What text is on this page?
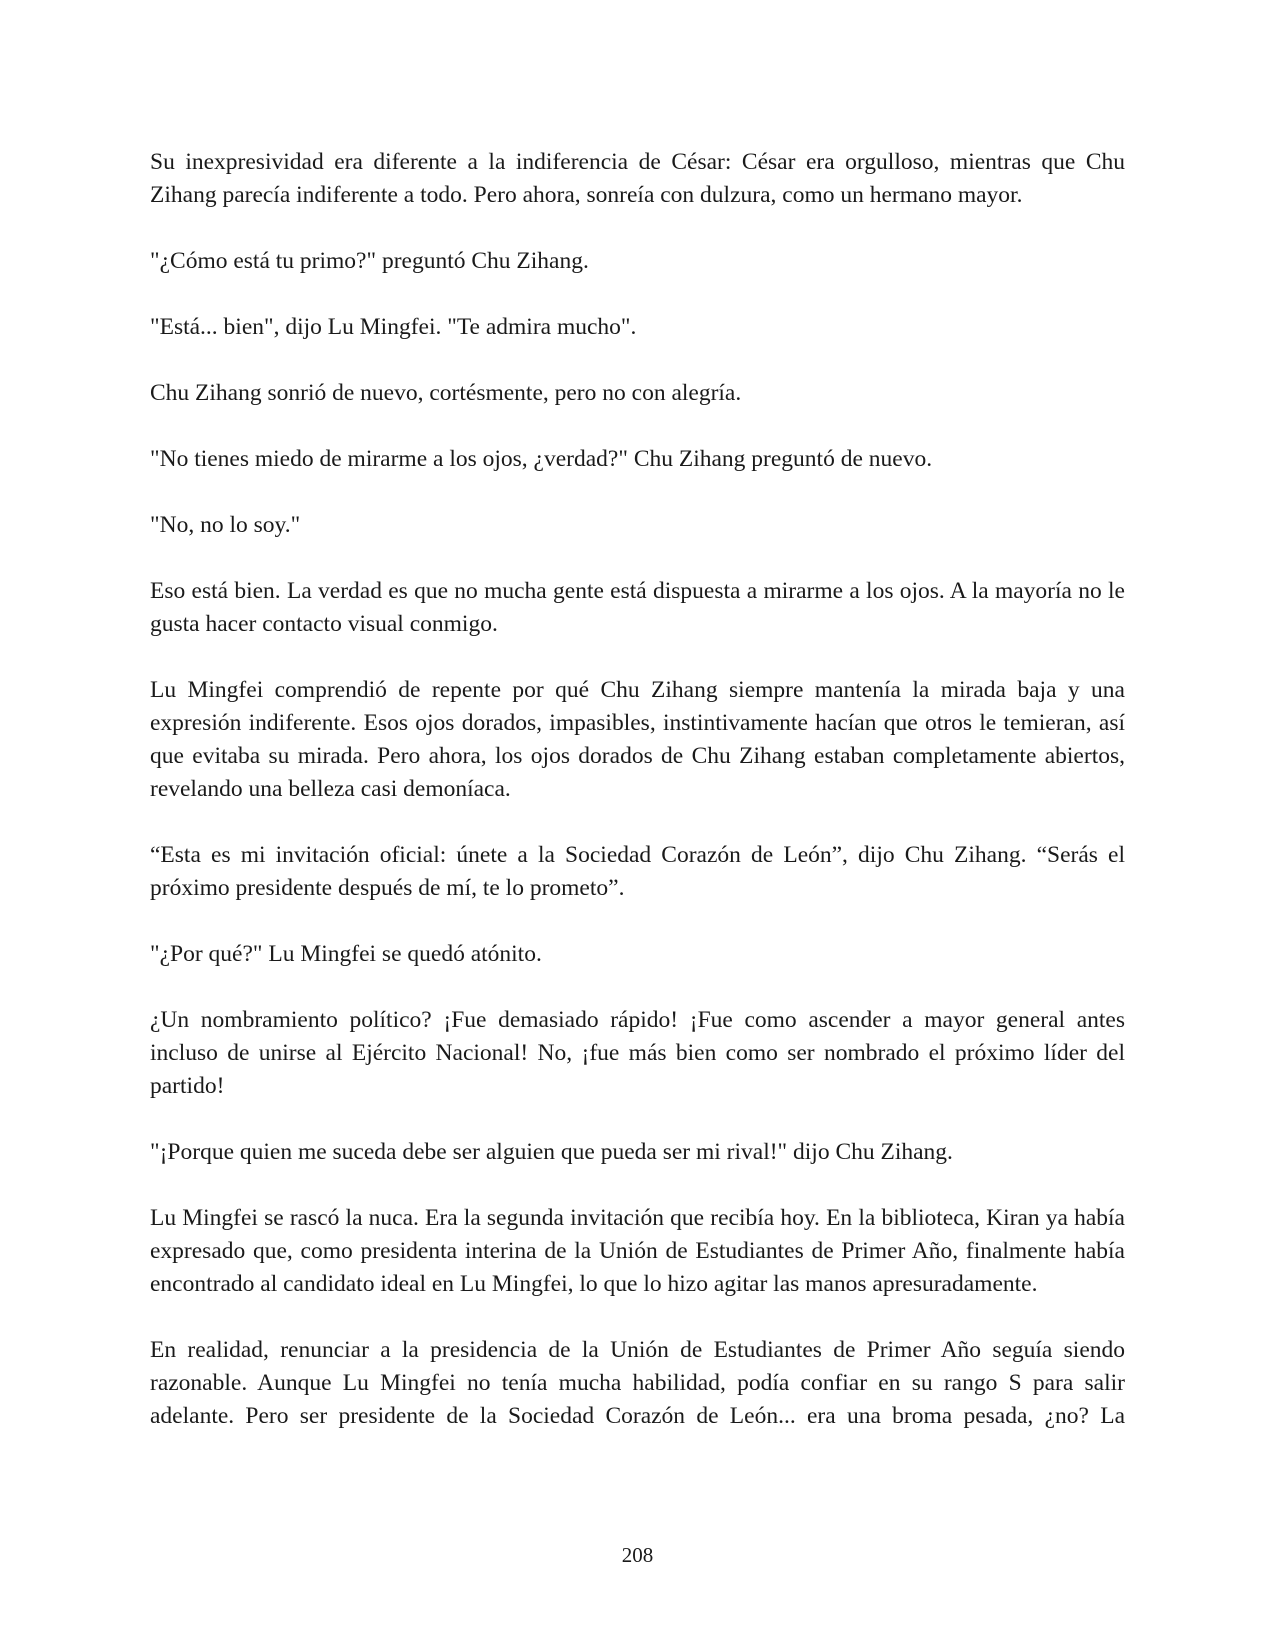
Su inexpresividad era diferente a la indiferencia de César: César era orgulloso, mientras que Chu Zihang parecía indiferente a todo. Pero ahora, sonreía con dulzura, como un hermano mayor.

"¿Cómo está tu primo?" preguntó Chu Zihang.

"Está... bien", dijo Lu Mingfei. "Te admira mucho".

Chu Zihang sonrió de nuevo, cortésmente, pero no con alegría.

"No tienes miedo de mirarme a los ojos, ¿verdad?" Chu Zihang preguntó de nuevo.

"No, no lo soy."

Eso está bien. La verdad es que no mucha gente está dispuesta a mirarme a los ojos. A la mayoría no le gusta hacer contacto visual conmigo.

Lu Mingfei comprendió de repente por qué Chu Zihang siempre mantenía la mirada baja y una expresión indiferente. Esos ojos dorados, impasibles, instintivamente hacían que otros le temieran, así que evitaba su mirada. Pero ahora, los ojos dorados de Chu Zihang estaban completamente abiertos, revelando una belleza casi demoníaca.

“Esta es mi invitación oficial: únete a la Sociedad Corazón de León”, dijo Chu Zihang. “Serás el próximo presidente después de mí, te lo prometo”.

"¿Por qué?" Lu Mingfei se quedó atónito.

¿Un nombramiento político? ¡Fue demasiado rápido! ¡Fue como ascender a mayor general antes incluso de unirse al Ejército Nacional! No, ¡fue más bien como ser nombrado el próximo líder del partido!

"¡Porque quien me suceda debe ser alguien que pueda ser mi rival!" dijo Chu Zihang.

Lu Mingfei se rascó la nuca. Era la segunda invitación que recibía hoy. En la biblioteca, Kiran ya había expresado que, como presidenta interina de la Unión de Estudiantes de Primer Año, finalmente había encontrado al candidato ideal en Lu Mingfei, lo que lo hizo agitar las manos apresuradamente.

En realidad, renunciar a la presidencia de la Unión de Estudiantes de Primer Año seguía siendo razonable. Aunque Lu Mingfei no tenía mucha habilidad, podía confiar en su rango S para salir adelante. Pero ser presidente de la Sociedad Corazón de León... era una broma pesada, ¿no? La

208
